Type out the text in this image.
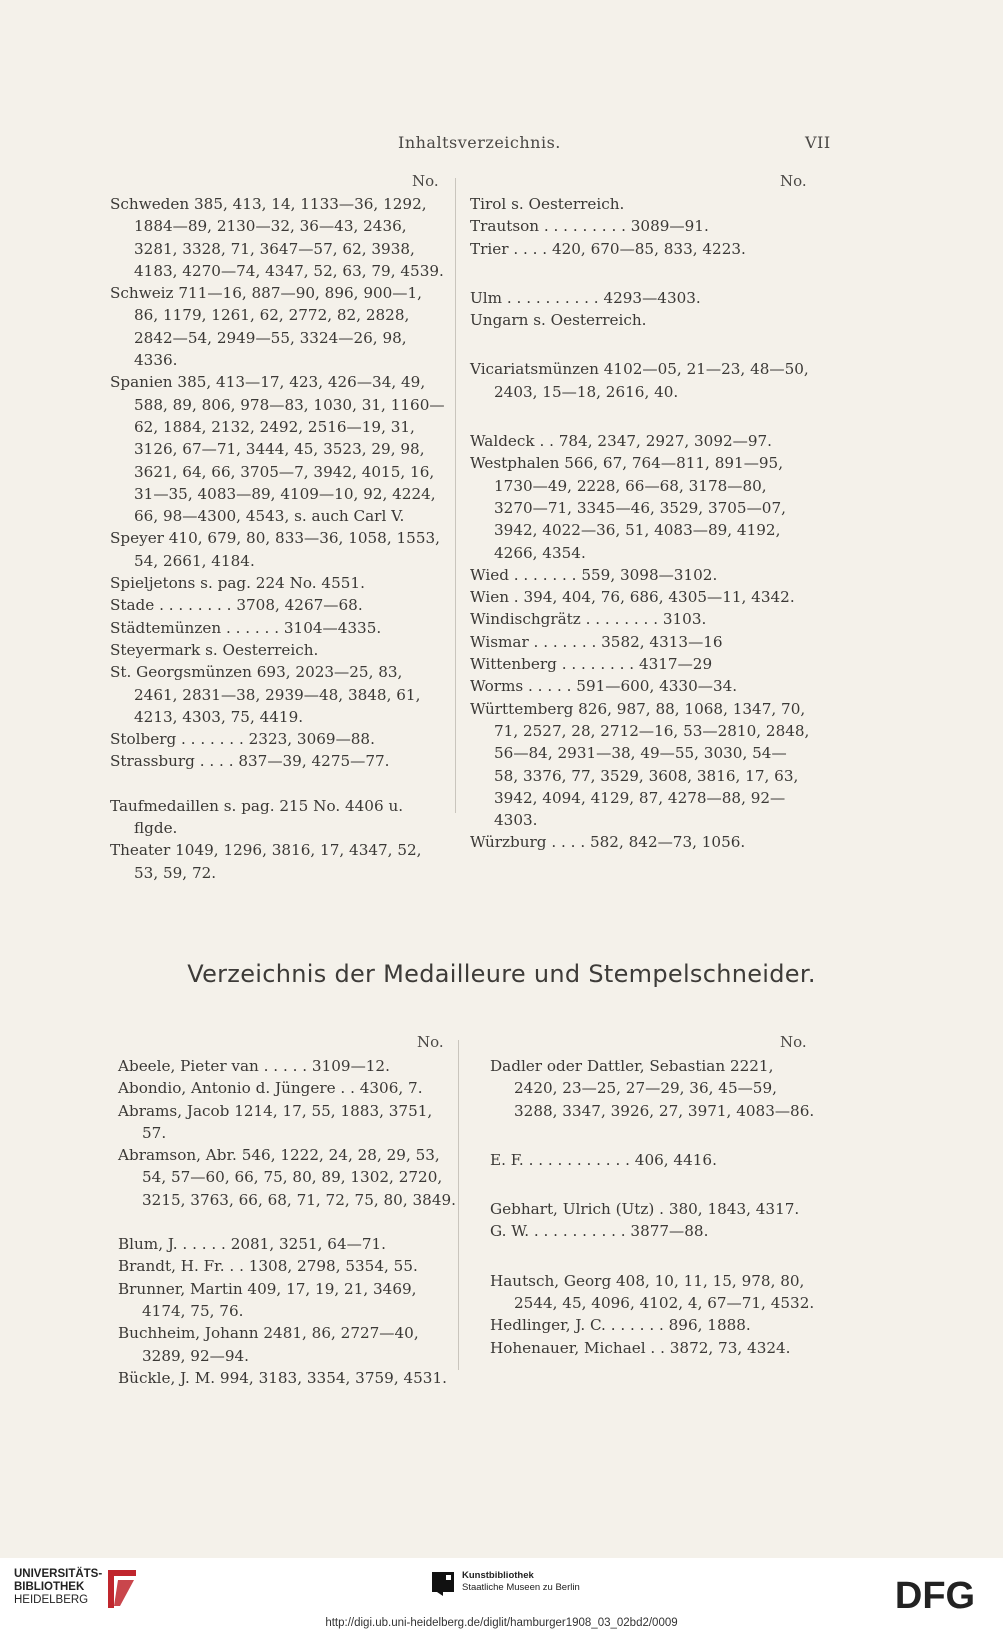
Inhaltsverzeichnis.	VII
No.	No.

Schweden 385, 413, 14, 1133—36, 1292, 1884—89, 2130—32, 36—43, 2436, 3281, 3328, 71, 3647—57, 62, 3938, 4183, 4270—74, 4347, 52, 63, 79, 4539.

Schweiz 711—16, 887—90, 896, 900—1, 86, 1179, 1261, 62, 2772, 82, 2828, 2842—54, 2949—55, 3324—26, 98, 4336.

Spanien 385, 413—17, 423, 426—34, 49, 588, 89, 806, 978—83, 1030, 31, 1160—62, 1884, 2132, 2492, 2516—19, 31, 3126, 67—71, 3444, 45, 3523, 29, 98, 3621, 64, 66, 3705—7, 3942, 4015, 16, 31—35, 4083—89, 4109—10, 92, 4224, 66, 98—4300, 4543, s. auch Carl V.

Speyer 410, 679, 80, 833—36, 1058, 1553, 54, 2661, 4184.

Spieljetons s. pag. 224 No. 4551.

Stade . . . . . . . . 3708, 4267—68.

Städtemünzen . . . . . . 3104—4335.

Steyermark s. Oesterreich.

St. Georgsmünzen 693, 2023—25, 83, 2461, 2831—38, 2939—48, 3848, 61, 4213, 4303, 75, 4419.

Stolberg . . . . . . . 2323, 3069—88.

Strassburg . . . . 837—39, 4275—77.

Taufmedaillen s. pag. 215 No. 4406 u. flgde.

Theater 1049, 1296, 3816, 17, 4347, 52, 53, 59, 72.

Tirol s. Oesterreich.

Trautson . . . . . . . . . 3089—91.

Trier . . . . 420, 670—85, 833, 4223.

Ulm . . . . . . . . . . 4293—4303.

Ungarn s. Oesterreich.

Vicariatsmünzen 4102—05, 21—23, 48—50, 2403, 15—18, 2616, 40.

Waldeck . . 784, 2347, 2927, 3092—97.

Westphalen 566, 67, 764—811, 891—95, 1730—49, 2228, 66—68, 3178—80, 3270—71, 3345—46, 3529, 3705—07, 3942, 4022—36, 51, 4083—89, 4192, 4266, 4354.

Wied . . . . . . . 559, 3098—3102.

Wien . 394, 404, 76, 686, 4305—11, 4342.

Windischgrätz . . . . . . . . 3103.

Wismar . . . . . . . 3582, 4313—16

Wittenberg . . . . . . . . 4317—29

Worms . . . . . 591—600, 4330—34.

Württemberg 826, 987, 88, 1068, 1347, 70, 71, 2527, 28, 2712—16, 53—2810, 2848, 56—84, 2931—38, 49—55, 3030, 54—58, 3376, 77, 3529, 3608, 3816, 17, 63, 3942, 4094, 4129, 87, 4278—88, 92—4303.

Würzburg . . . . 582, 842—73, 1056.

Verzeichnis der Medailleure und Stempelschneider.
No.	No.

Abeele, Pieter van . . . . . 3109—12.

Abondio, Antonio d. Jüngere . . 4306, 7.

Abrams, Jacob 1214, 17, 55, 1883, 3751, 57.

Abramson, Abr. 546, 1222, 24, 28, 29, 53, 54, 57—60, 66, 75, 80, 89, 1302, 2720, 3215, 3763, 66, 68, 71, 72, 75, 80, 3849.

Blum, J. . . . . . 2081, 3251, 64—71.

Brandt, H. Fr. . . 1308, 2798, 5354, 55.

Brunner, Martin 409, 17, 19, 21, 3469, 4174, 75, 76.

Buchheim, Johann 2481, 86, 2727—40, 3289, 92—94.

Bückle, J. M. 994, 3183, 3354, 3759, 4531.

Dadler oder Dattler, Sebastian 2221, 2420, 23—25, 27—29, 36, 45—59, 3288, 3347, 3926, 27, 3971, 4083—86.

E. F. . . . . . . . . . . . 406, 4416.

Gebhart, Ulrich (Utz) . 380, 1843, 4317.

G. W. . . . . . . . . . . 3877—88.

Hautsch, Georg 408, 10, 11, 15, 978, 80, 2544, 45, 4096, 4102, 4, 67—71, 4532.

Hedlinger, J. C. . . . . . . 896, 1888.

Hohenauer, Michael . . 3872, 73, 4324.

UNIVERSITÄTS-
BIBLIOTHEK
HEIDELBERG
Kunstbibliothek
Staatliche Museen zu Berlin	DFG
http://digi.ub.uni-heidelberg.de/diglit/hamburger1908_03_02bd2/0009
